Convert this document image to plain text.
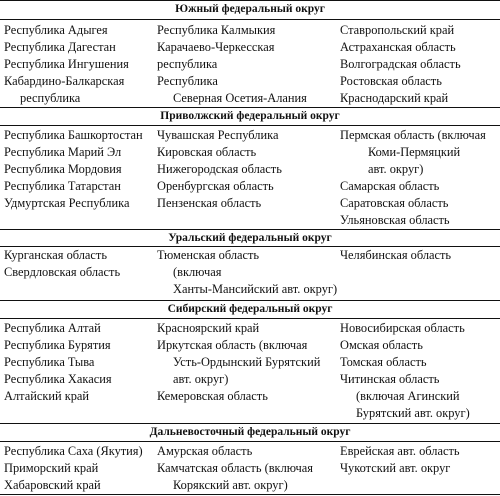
Южный федеральный округ
Республика Адыгея
Республика Дагестан
Республика Ингушения
Кабардино-Балкарская
республика
Республика Калмыкия
Карачаево-Черкесская
республика
Республика
Северная Осетия-Алания
Ставропольский край
Астраханская область
Волгоградская область
Ростовская область
Краснодарский край
Приволжский федеральный округ
Республика Башкортостан
Республика Марий Эл
Республика Мордовия
Республика Татарстан
Удмуртская Республика
Чувашская Республика
Кировская область
Нижегородская область
Оренбургская область
Пензенская область
Пермская область (включая
Коми-Пермяцкий
авт. округ)
Самарская область
Саратовская область
Ульяновская область
Уральский федеральный округ
Курганская область
Свердловская область
Тюменская область
(включая
Ханты-Мансийский авт. округ)
Челябинская область
Сибирский федеральный округ
Республика Алтай
Республика Бурятия
Республика Тыва
Республика Хакасия
Алтайский край
Красноярский край
Иркутская область (включая
Усть-Ордынский Бурятский
авт. округ)
Кемеровская область
Новосибирская область
Омская область
Томская область
Читинская область
(включая Агинский
Бурятский авт. округ)
Дальневосточный федеральный округ
Республика Саха (Якутия)
Приморский край
Хабаровский край
Амурская область
Камчатская область (включая
Корякский авт. округ)
Еврейская авт. область
Чукотский авт. округ
